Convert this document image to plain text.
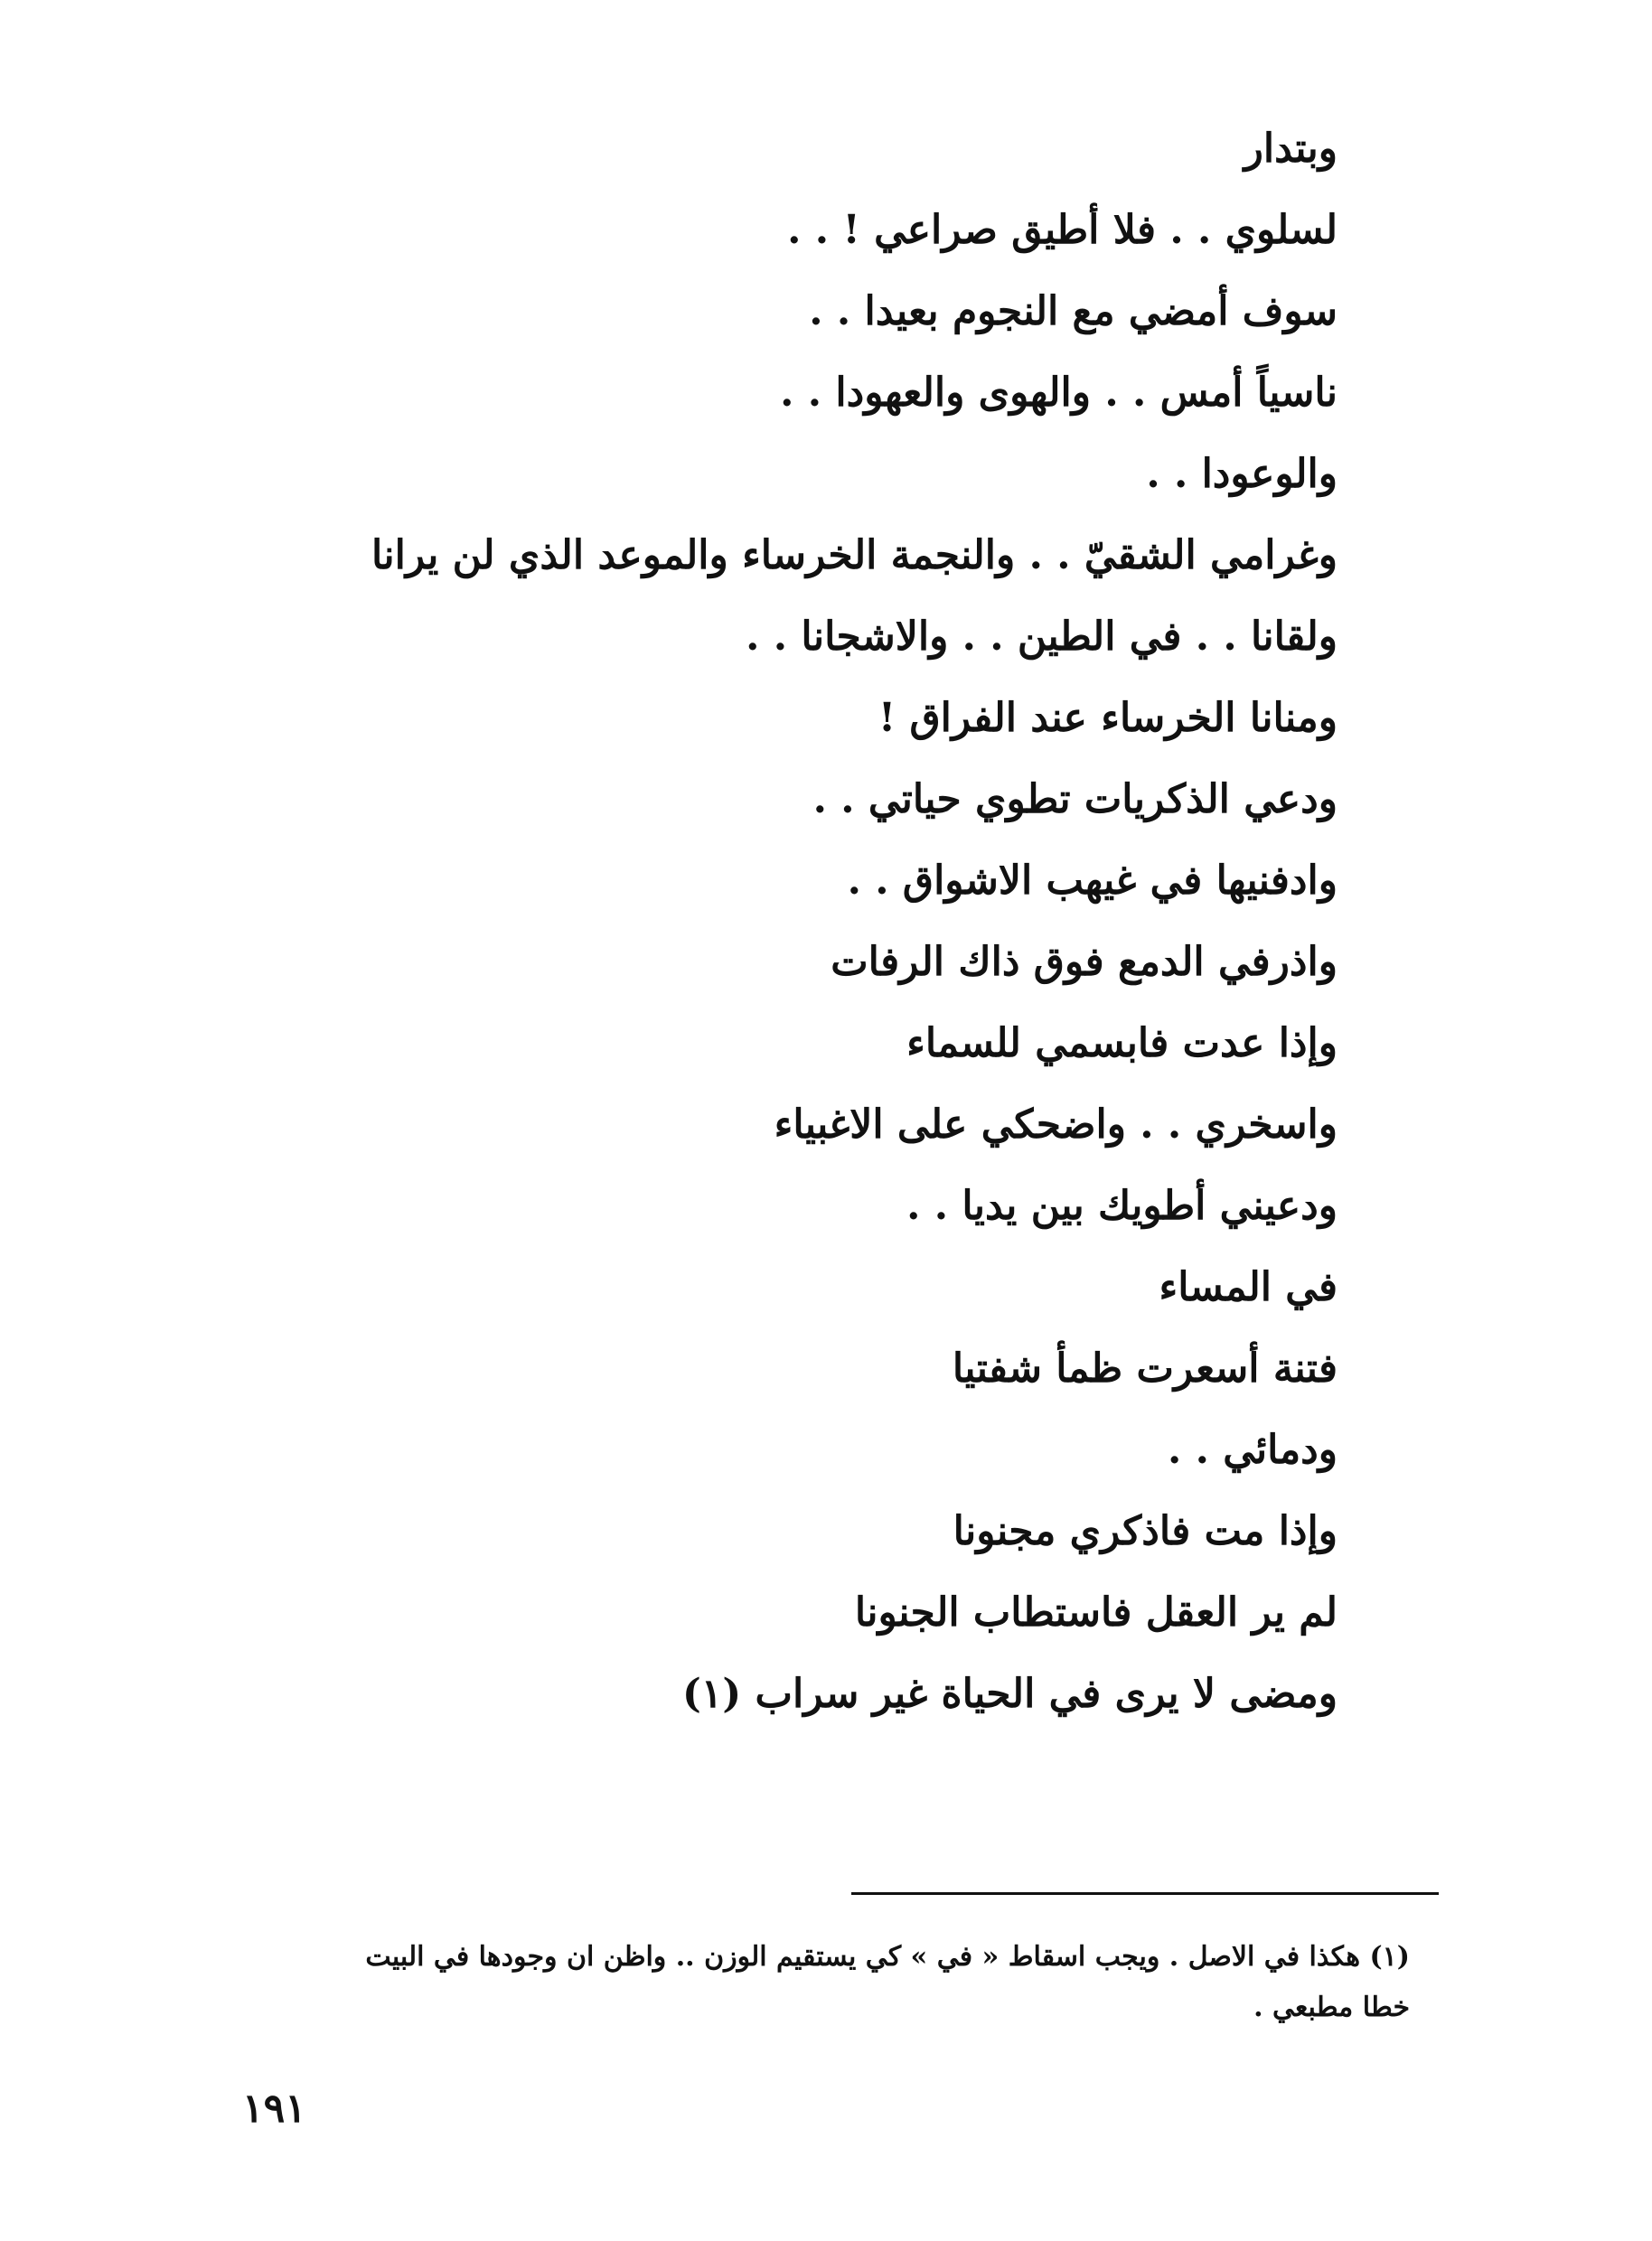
وبتدار
لسلوي . . فلا أطيق صراعي ! . .
سوف أمضي مع النجوم بعيدا . .
ناسياً أمس . . والهوى والعهودا . .
والوعودا . .
وغرامي الشقيّ . . والنجمة الخرساء والموعد الذي لن يرانا
ولقانا . . في الطين . . والاشجانا . .
ومنانا الخرساء عند الفراق !
ودعي الذكريات تطوي حياتي . .
وادفنيها في غيهب الاشواق . .
واذرفي الدمع فوق ذاك الرفات
وإذا عدت فابسمي للسماء
واسخري . . واضحكي على الاغبياء
ودعيني أطويك بين يديا . .
في المساء
فتنة أسعرت ظمأ شفتيا
ودمائي . .
وإذا مت فاذكري مجنونا
لم ير العقل فاستطاب الجنونا
ومضى لا يرى في الحياة غير سراب (١)

(١) هكذا في الاصل . ويجب اسقاط « في » كي يستقيم الوزن .. واظن ان وجودها في البيت

خطا مطبعي .

١٩١
